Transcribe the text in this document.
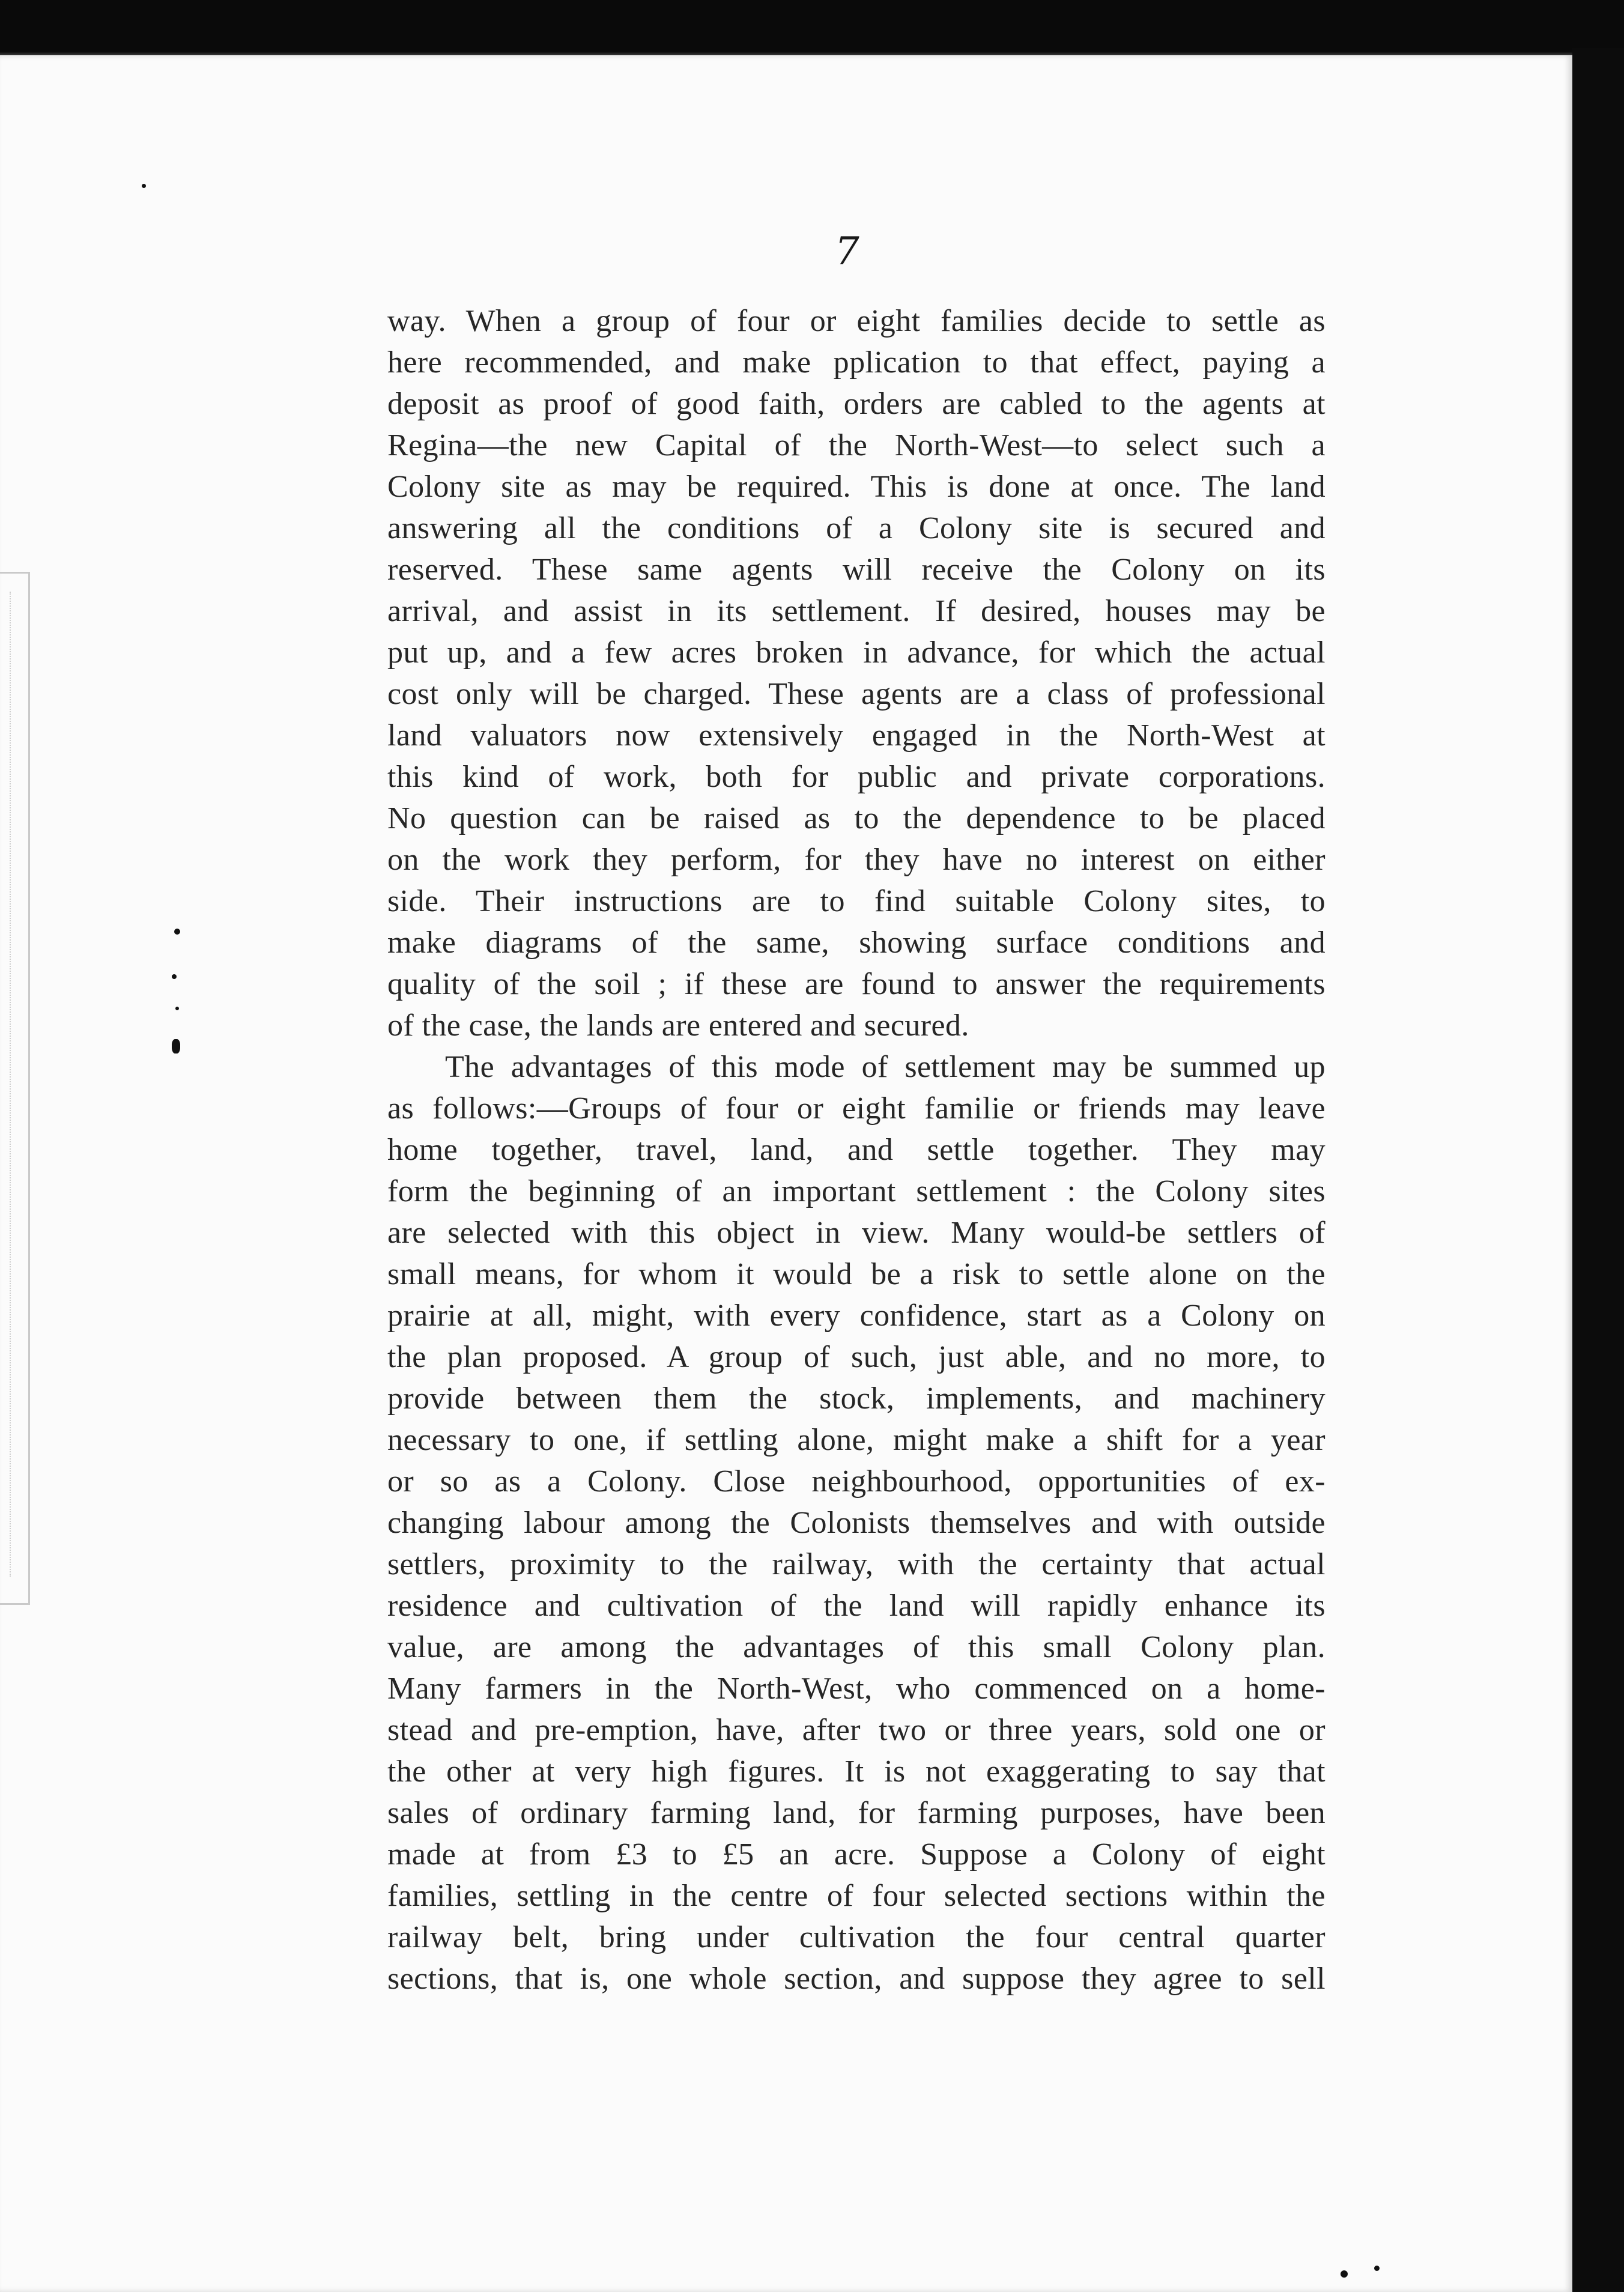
7

way. When a group of four or eight families decide to settle as
here recommended, and make pplication to that effect, paying a
deposit as proof of good faith, orders are cabled to the agents at
Regina—the new Capital of the North-West—to select such a
Colony site as may be required. This is done at once. The land
answering all the conditions of a Colony site is secured and
reserved. These same agents will receive the Colony on its
arrival, and assist in its settlement. If desired, houses may be
put up, and a few acres broken in advance, for which the actual
cost only will be charged. These agents are a class of professional
land valuators now extensively engaged in the North-West at
this kind of work, both for public and private corporations.
No question can be raised as to the dependence to be placed
on the work they perform, for they have no interest on either
side. Their instructions are to find suitable Colony sites, to
make diagrams of the same, showing surface conditions and
quality of the soil ; if these are found to answer the requirements
of the case, the lands are entered and secured.
The advantages of this mode of settlement may be summed up
as follows:—Groups of four or eight familie or friends may leave
home together, travel, land, and settle together. They may
form the beginning of an important settlement : the Colony sites
are selected with this object in view. Many would-be settlers of
small means, for whom it would be a risk to settle alone on the
prairie at all, might, with every confidence, start as a Colony on
the plan proposed. A group of such, just able, and no more, to
provide between them the stock, implements, and machinery
necessary to one, if settling alone, might make a shift for a year
or so as a Colony. Close neighbourhood, opportunities of ex-
changing labour among the Colonists themselves and with outside
settlers, proximity to the railway, with the certainty that actual
residence and cultivation of the land will rapidly enhance its
value, are among the advantages of this small Colony plan.
Many farmers in the North-West, who commenced on a home-
stead and pre-emption, have, after two or three years, sold one or
the other at very high figures. It is not exaggerating to say that
sales of ordinary farming land, for farming purposes, have been
made at from £3 to £5 an acre. Suppose a Colony of eight
families, settling in the centre of four selected sections within the
railway belt, bring under cultivation the four central quarter
sections, that is, one whole section, and suppose they agree to sell
